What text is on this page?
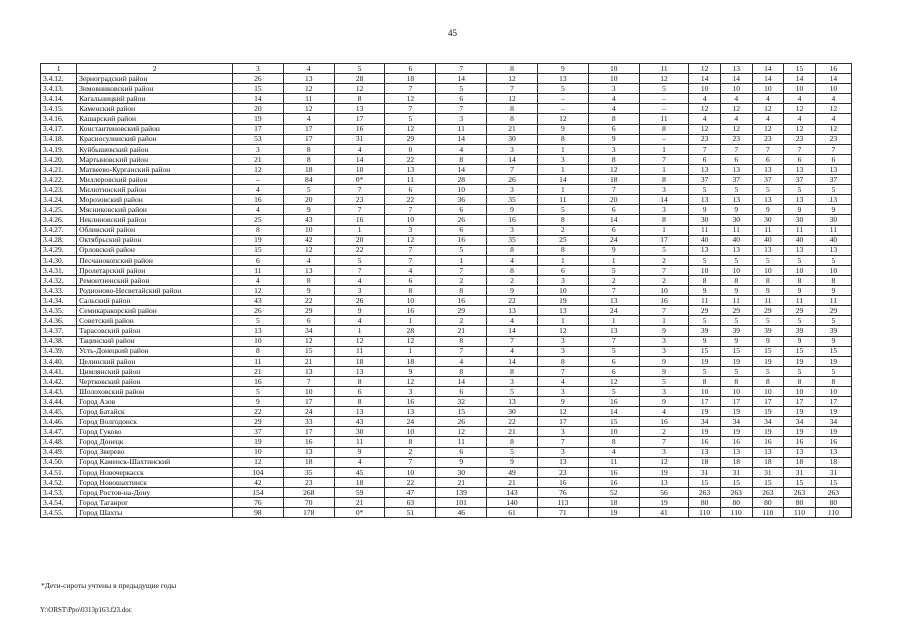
45
1	2	3	4	5	6	7	8	9	10	11	12	13	14	15	16
3.4.12.	Зерноградский район	26	13	28	18	14	12	13	10	12	14	14	14	14	14
3.4.13.	Зимовниковский район	15	12	12	7	5	7	5	3	5	10	10	10	10	10
3.4.14.	Кагальницкий район	14	11	8	12	6	12	–	4	–	4	4	4	4	4
3.4.15.	Каменский район	20	12	13	7	7	8	–	4	–	12	12	12	12	12
3.4.16.	Кашарский район	19	4	17	5	3	8	12	8	11	4	4	4	4	4
3.4.17.	Константиновский район	17	17	16	12	11	21	9	6	8	12	12	12	12	12
3.4.18.	Красносулинский район	53	17	31	29	14	30	8	9	–	23	23	23	23	23
3.4.19.	Куйбышевский район	3	8	4	0	4	3	1	3	1	7	7	7	7	7
3.4.20.	Мартыновский район	21	8	14	22	8	14	3	8	7	6	6	6	6	6
3.4.21.	Матвеево-Курганский район	12	18	10	13	14	7	1	12	1	13	13	13	13	13
3.4.22.	Миллеровский район	–	84	0*	11	28	26	14	18	8	37	37	37	37	37
3.4.23.	Милютинский район	4	5	7	6	10	3	1	7	3	5	5	5	5	5
3.4.24.	Морозовский район	16	20	23	22	36	35	11	20	14	13	13	13	13	13
3.4.25.	Мясниковский район	4	9	7	7	6	9	5	6	3	9	9	9	9	9
3.4.26.	Неклиновский район	25	43	16	10	26	16	8	14	8	30	30	30	30	30
3.4.27.	Обливский район	8	10	1	3	6	3	2	6	1	11	11	11	11	11
3.4.28.	Октябрьский район	19	42	20	12	16	35	25	24	17	40	40	40	40	40
3.4.29.	Орловский район	15	12	22	7	5	8	8	9	5	13	13	13	13	13
3.4.30.	Песчанокопский район	6	4	5	7	1	4	1	1	2	5	5	5	5	5
3.4.31.	Пролетарский район	11	13	7	4	7	8	6	5	7	10	10	10	10	10
3.4.32.	Ремонтненский район	4	8	4	6	2	2	3	2	2	8	8	8	8	8
3.4.33.	Родионово-Несветайский район	12	9	3	8	8	9	10	7	10	9	9	9	9	9
3.4.34.	Сальский район	43	22	26	10	16	22	19	13	16	11	11	11	11	11
3.4.35.	Семикаракорский район	26	29	9	16	29	13	13	24	7	29	29	29	29	29
3.4.36.	Советский район	5	6	4	1	2	4	1	1	1	5	5	5	5	5
3.4.37.	Тарасовский район	13	34	1	28	21	14	12	13	9	39	39	39	39	39
3.4.38.	Тацинский район	10	12	12	12	8	7	3	7	3	9	9	9	9	9
3.4.39.	Усть-Донецкий район	8	15	11	1	7	4	3	5	3	15	15	15	15	15
3.4.40.	Целинский район	11	21	18	18	4	14	8	6	9	19	19	19	19	19
3.4.41.	Цимлянский район	21	13	13	9	8	8	7	6	9	5	5	5	5	5
3.4.42.	Чертковский район	16	7	8	12	14	3	4	12	5	8	8	8	8	8
3.4.43.	Шолоховский район	5	10	6	3	6	5	3	5	3	10	10	10	10	10
3.4.44.	Город Азов	9	17	8	16	32	13	9	16	9	17	17	17	17	17
3.4.45.	Город Батайск	22	24	13	13	15	30	12	14	4	19	19	19	19	19
3.4.46.	Город Волгодонск	29	33	43	24	26	22	17	15	16	34	34	34	34	34
3.4.47.	Город Гуково	37	17	30	10	12	21	3	10	2	19	19	19	19	19
3.4.48.	Город Донецк	19	16	11	8	11	8	7	8	7	16	16	16	16	16
3.4.49.	Город Зверево	10	13	9	2	6	5	3	4	3	13	13	13	13	13
3.4.50.	Город Каменск-Шахтинский	12	18	4	7	9	9	13	11	12	18	18	18	18	18
3.4.51.	Город Новочеркасск	104	35	45	10	30	49	23	16	19	31	31	31	31	31
3.4.52.	Город Новошахтинск	42	23	18	22	21	21	16	16	13	15	15	15	15	15
3.4.53.	Город Ростов-на-Дону	154	268	59	47	139	143	76	52	56	263	263	263	263	263
3.4.54.	Город Таганрог	76	70	21	63	101	140	113	18	19	80	80	80	80	80
3.4.55.	Город Шахты	98	178	0*	51	46	61	71	19	41	110	110	110	110	110
*Дети-сироты учтены в предыдущие годы
Y:\ORST\Ppo\0313p163.f23.doc
